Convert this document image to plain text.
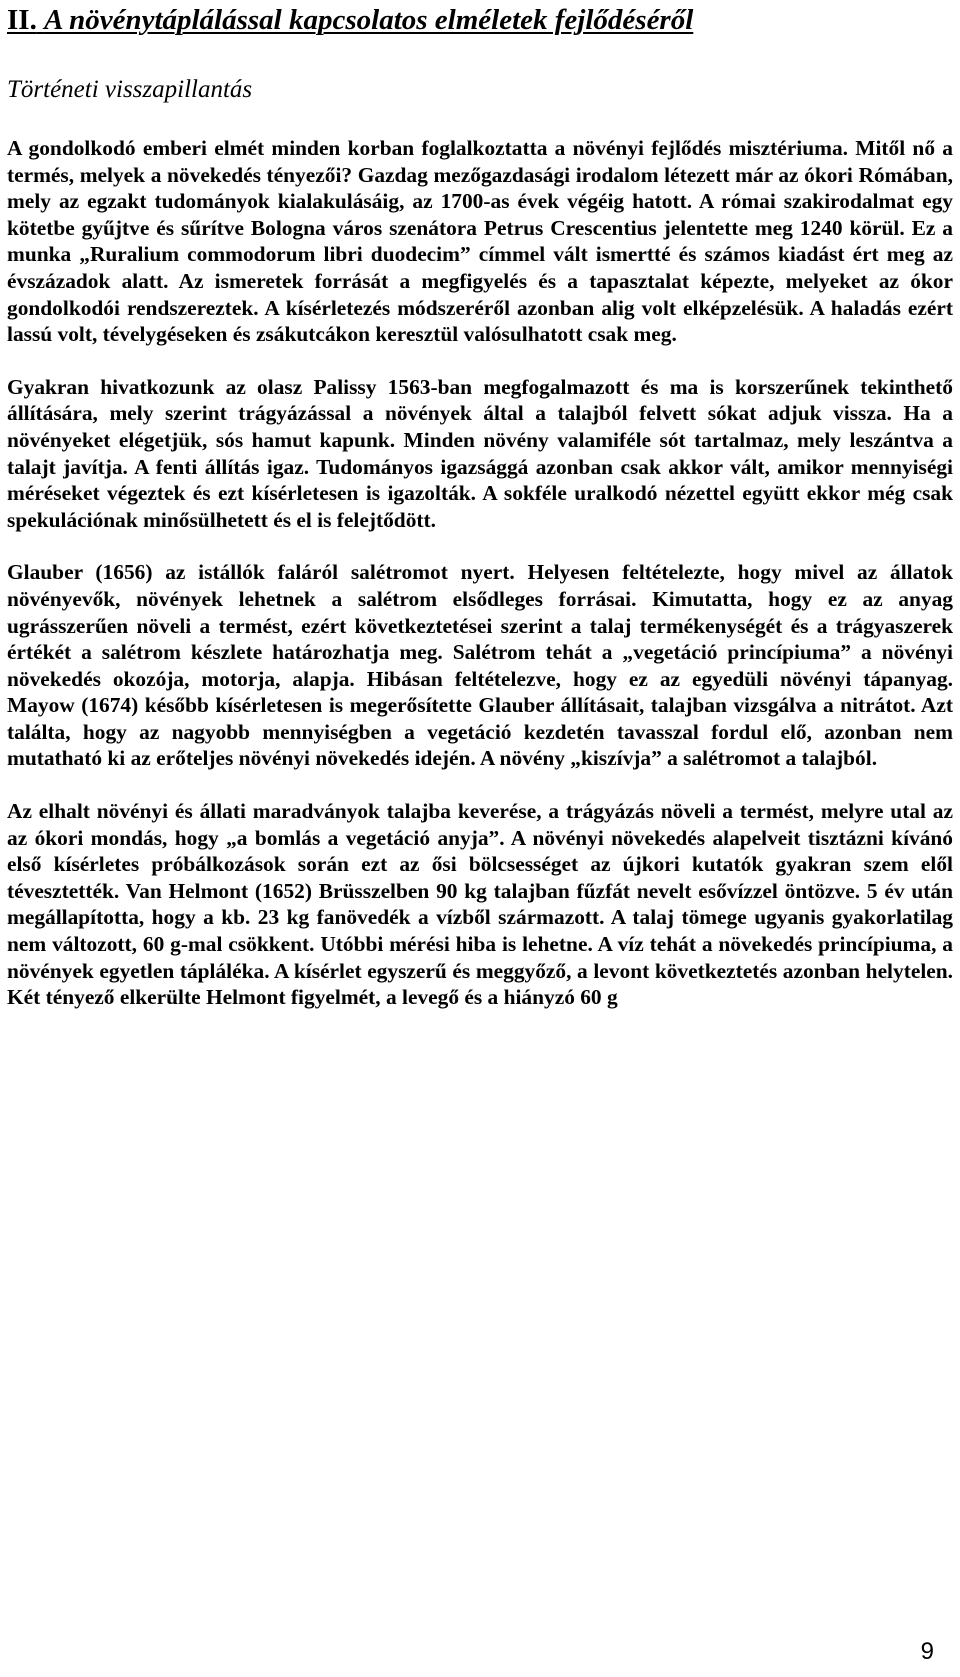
II. A növénytáplálással kapcsolatos elméletek fejlődéséről
Történeti visszapillantás

A gondolkodó emberi elmét minden korban foglalkoztatta a növényi fejlődés misztériuma. Mitől nő a termés, melyek a növekedés tényezői? Gazdag mezőgazdasági irodalom létezett már az ókori Rómában, mely az egzakt tudományok kialakulásáig, az 1700-as évek végéig hatott. A római szakirodalmat egy kötetbe gyűjtve és sűrítve Bologna város szenátora Petrus Crescentius jelentette meg 1240 körül. Ez a munka „Ruralium commodorum libri duodecim” címmel vált ismertté és számos kiadást ért meg az évszázadok alatt. Az ismeretek forrását a megfigyelés és a tapasztalat képezte, melyeket az ókor gondolkodói rendszereztek. A kísérletezés módszeréről azonban alig volt elképzelésük. A haladás ezért lassú volt, tévelygéseken és zsákutcákon keresztül valósulhatott csak meg.

Gyakran hivatkozunk az olasz Palissy 1563-ban megfogalmazott és ma is korszerűnek tekinthető állítására, mely szerint trágyázással a növények által a talajból felvett sókat adjuk vissza. Ha a növényeket elégetjük, sós hamut kapunk. Minden növény valamiféle sót tartalmaz, mely leszántva a talajt javítja. A fenti állítás igaz. Tudományos igazsággá azonban csak akkor vált, amikor mennyiségi méréseket végeztek és ezt kísérletesen is igazolták. A sokféle uralkodó nézettel együtt ekkor még csak spekulációnak minősülhetett és el is felejtődött.

Glauber (1656) az istállók faláról salétromot nyert. Helyesen feltételezte, hogy mivel az állatok növényevők, növények lehetnek a salétrom elsődleges forrásai. Kimutatta, hogy ez az anyag ugrásszerűen növeli a termést, ezért következtetései szerint a talaj termékenységét és a trágyaszerek értékét a salétrom készlete határozhatja meg. Salétrom tehát a „vegetáció princípiuma” a növényi növekedés okozója, motorja, alapja. Hibásan feltételezve, hogy ez az egyedüli növényi tápanyag. Mayow (1674) később kísérletesen is megerősítette Glauber állításait, talajban vizsgálva a nitrátot. Azt találta, hogy az nagyobb mennyiségben a vegetáció kezdetén tavasszal fordul elő, azonban nem mutatható ki az erőteljes növényi növekedés idején. A növény „kiszívja” a salétromot a talajból.

Az elhalt növényi és állati maradványok talajba keverése, a trágyázás növeli a termést, melyre utal az az ókori mondás, hogy „a bomlás a vegetáció anyja”. A növényi növekedés alapelveit tisztázni kívánó első kísérletes próbálkozások során ezt az ősi bölcsességet az újkori kutatók gyakran szem elől tévesztették. Van Helmont (1652) Brüsszelben 90 kg talajban fűzfát nevelt esővízzel öntözve. 5 év után megállapította, hogy a kb. 23 kg fanövedék a vízből származott. A talaj tömege ugyanis gyakorlatilag nem változott, 60 g-mal csökkent. Utóbbi mérési hiba is lehetne. A víz tehát a növekedés princípiuma, a növények egyetlen tápláléka. A kísérlet egyszerű és meggyőző, a levont következtetés azonban helytelen. Két tényező elkerülte Helmont figyelmét, a levegő és a hiányzó 60 g

9
